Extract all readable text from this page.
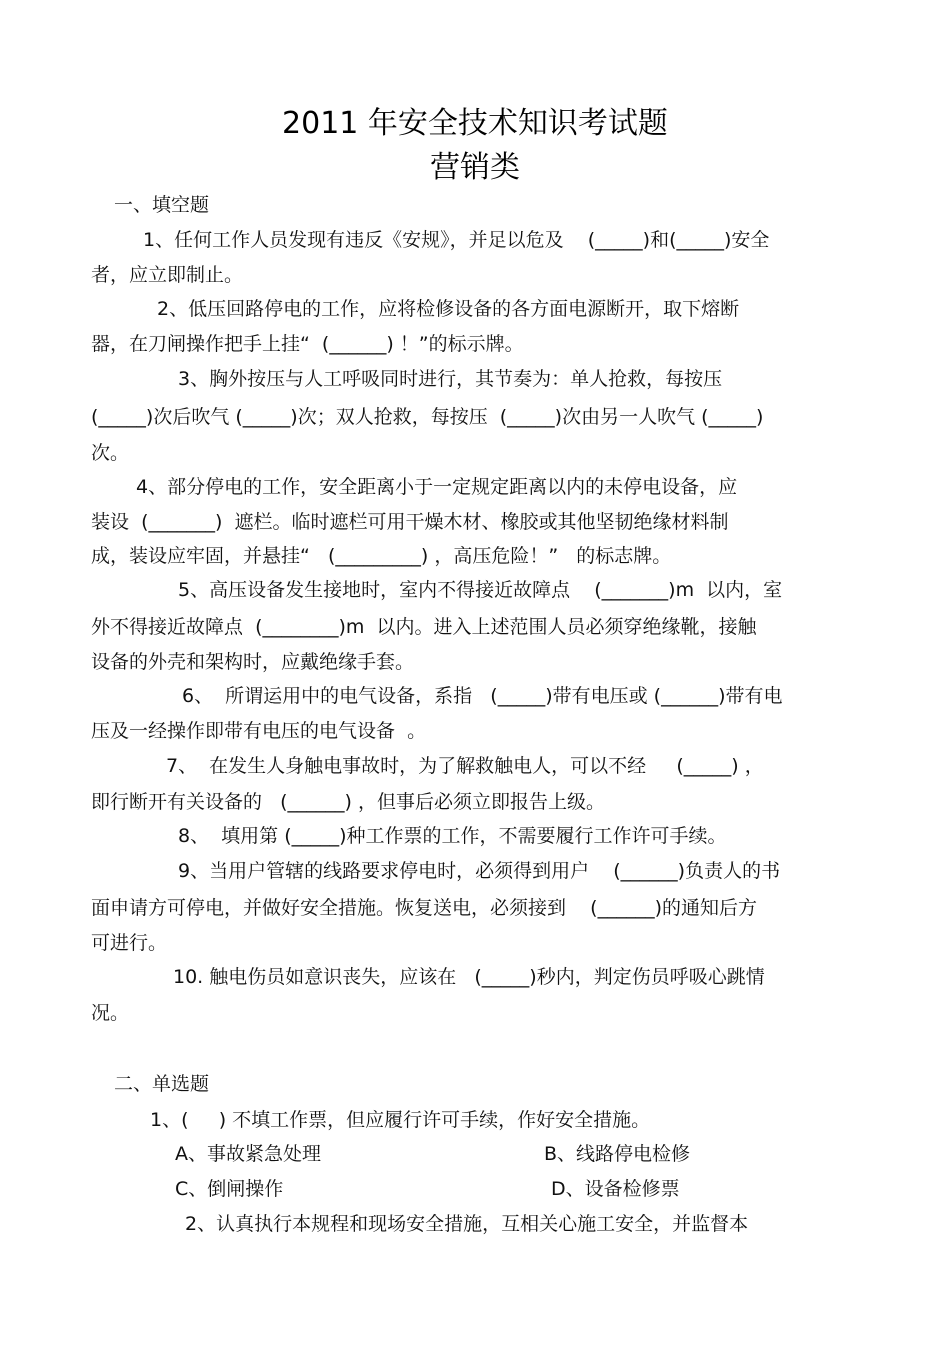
2011 年安全技术知识考试题
营销类
一、填空题
1、任何工作人员发现有违反《安规》，并足以危及    (_____)和(_____)安全
者，应立即制止。
2、低压回路停电的工作，应将检修设备的各方面电源断开，取下熔断
器，在刀闸操作把手上挂“  (______) ！”的标示牌。
3、胸外按压与人工呼吸同时进行，其节奏为：单人抢救，每按压
(_____)次后吹气 (_____)次；双人抢救，每按压  (_____)次由另一人吹气 (_____)
次。
4、部分停电的工作，安全距离小于一定规定距离以内的未停电设备，应
装设  (_______)  遮栏。临时遮栏可用干燥木材、橡胶或其他坚韧绝缘材料制
成，装设应牢固，并悬挂“   (_________) ，高压危险！”   的标志牌。
5、高压设备发生接地时，室内不得接近故障点    (_______)m  以内，室
外不得接近故障点  (________)m  以内。进入上述范围人员必须穿绝缘靴，接触
设备的外壳和架构时，应戴绝缘手套。
6、  所谓运用中的电气设备，系指   (_____)带有电压或 (______)带有电
压及一经操作即带有电压的电气设备  。
7、  在发生人身触电事故时，为了解救触电人，可以不经     (_____) ，
即行断开有关设备的   (______) ，但事后必须立即报告上级。
8、  填用第 (_____)种工作票的工作，不需要履行工作许可手续。
9、当用户管辖的线路要求停电时，必须得到用户    (______)负责人的书
面申请方可停电，并做好安全措施。恢复送电，必须接到    (______)的通知后方
可进行。
10. 触电伤员如意识丧失，应该在   (_____)秒内，判定伤员呼吸心跳情
况。
二、单选题
1、(     ) 不填工作票，但应履行许可手续，作好安全措施。
A、事故紧急处理	B、线路停电检修
C、倒闸操作	D、设备检修票
2、认真执行本规程和现场安全措施，互相关心施工安全，并监督本
